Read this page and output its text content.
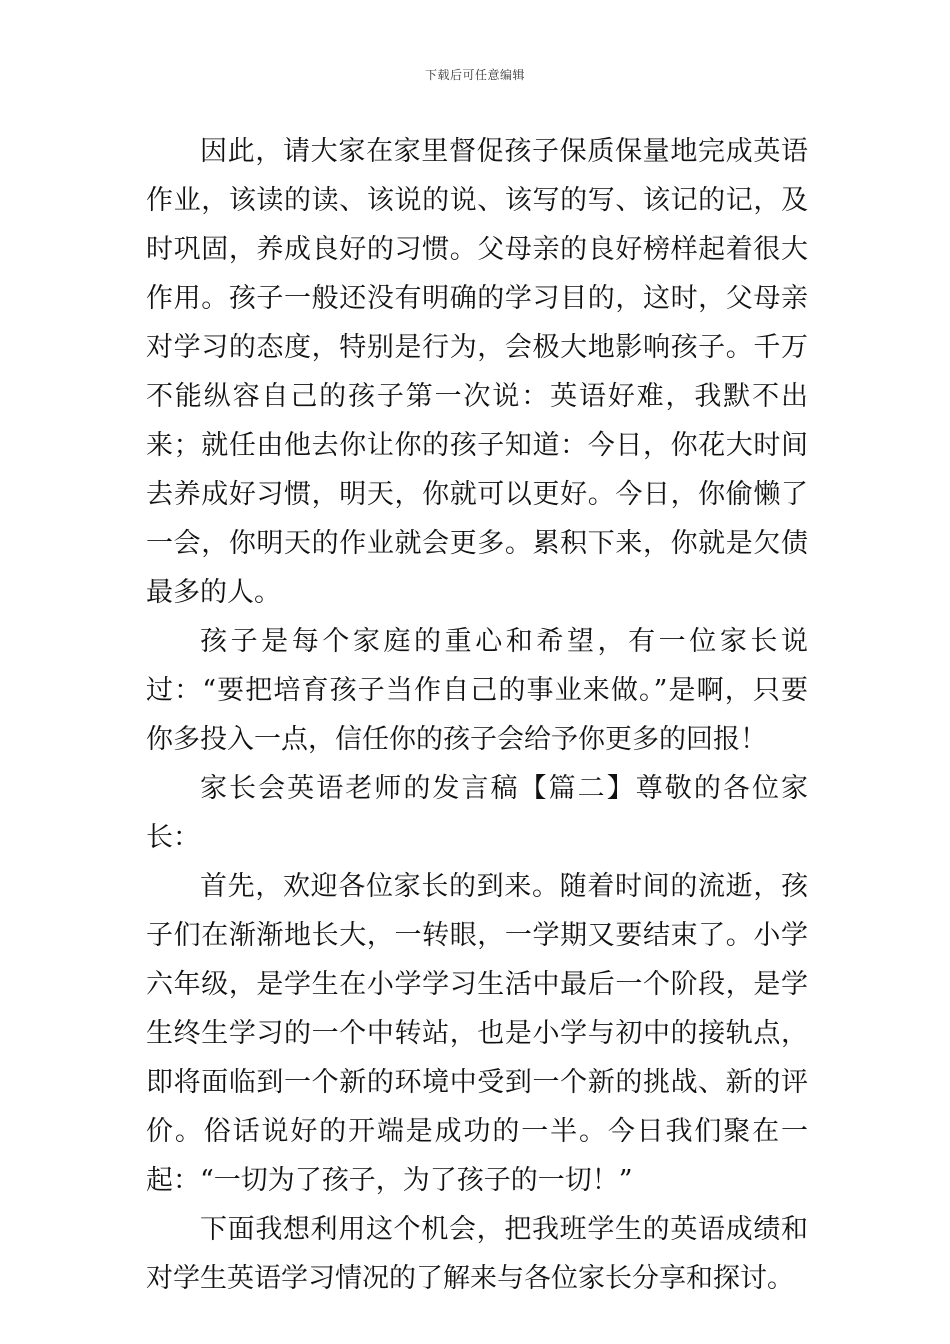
下载后可任意编辑

因此，请大家在家里督促孩子保质保量地完成英语作业，该读的读、该说的说、该写的写、该记的记，及时巩固，养成良好的习惯。父母亲的良好榜样起着很大作用。孩子一般还没有明确的学习目的，这时，父母亲对学习的态度，特别是行为，会极大地影响孩子。千万不能纵容自己的孩子第一次说：英语好难，我默不出来；就任由他去你让你的孩子知道：今日，你花大时间去养成好习惯，明天，你就可以更好。今日，你偷懒了一会，你明天的作业就会更多。累积下来，你就是欠债最多的人。

孩子是每个家庭的重心和希望，有一位家长说过：“要把培育孩子当作自己的事业来做。”是啊，只要你多投入一点，信任你的孩子会给予你更多的回报！

家长会英语老师的发言稿【篇二】尊敬的各位家长：

首先，欢迎各位家长的到来。随着时间的流逝，孩子们在渐渐地长大，一转眼，一学期又要结束了。小学六年级，是学生在小学学习生活中最后一个阶段，是学生终生学习的一个中转站，也是小学与初中的接轨点，即将面临到一个新的环境中受到一个新的挑战、新的评价。俗话说好的开端是成功的一半。今日我们聚在一起：“一切为了孩子，为了孩子的一切！”

下面我想利用这个机会，把我班学生的英语成绩和对学生英语学习情况的了解来与各位家长分享和探讨。
